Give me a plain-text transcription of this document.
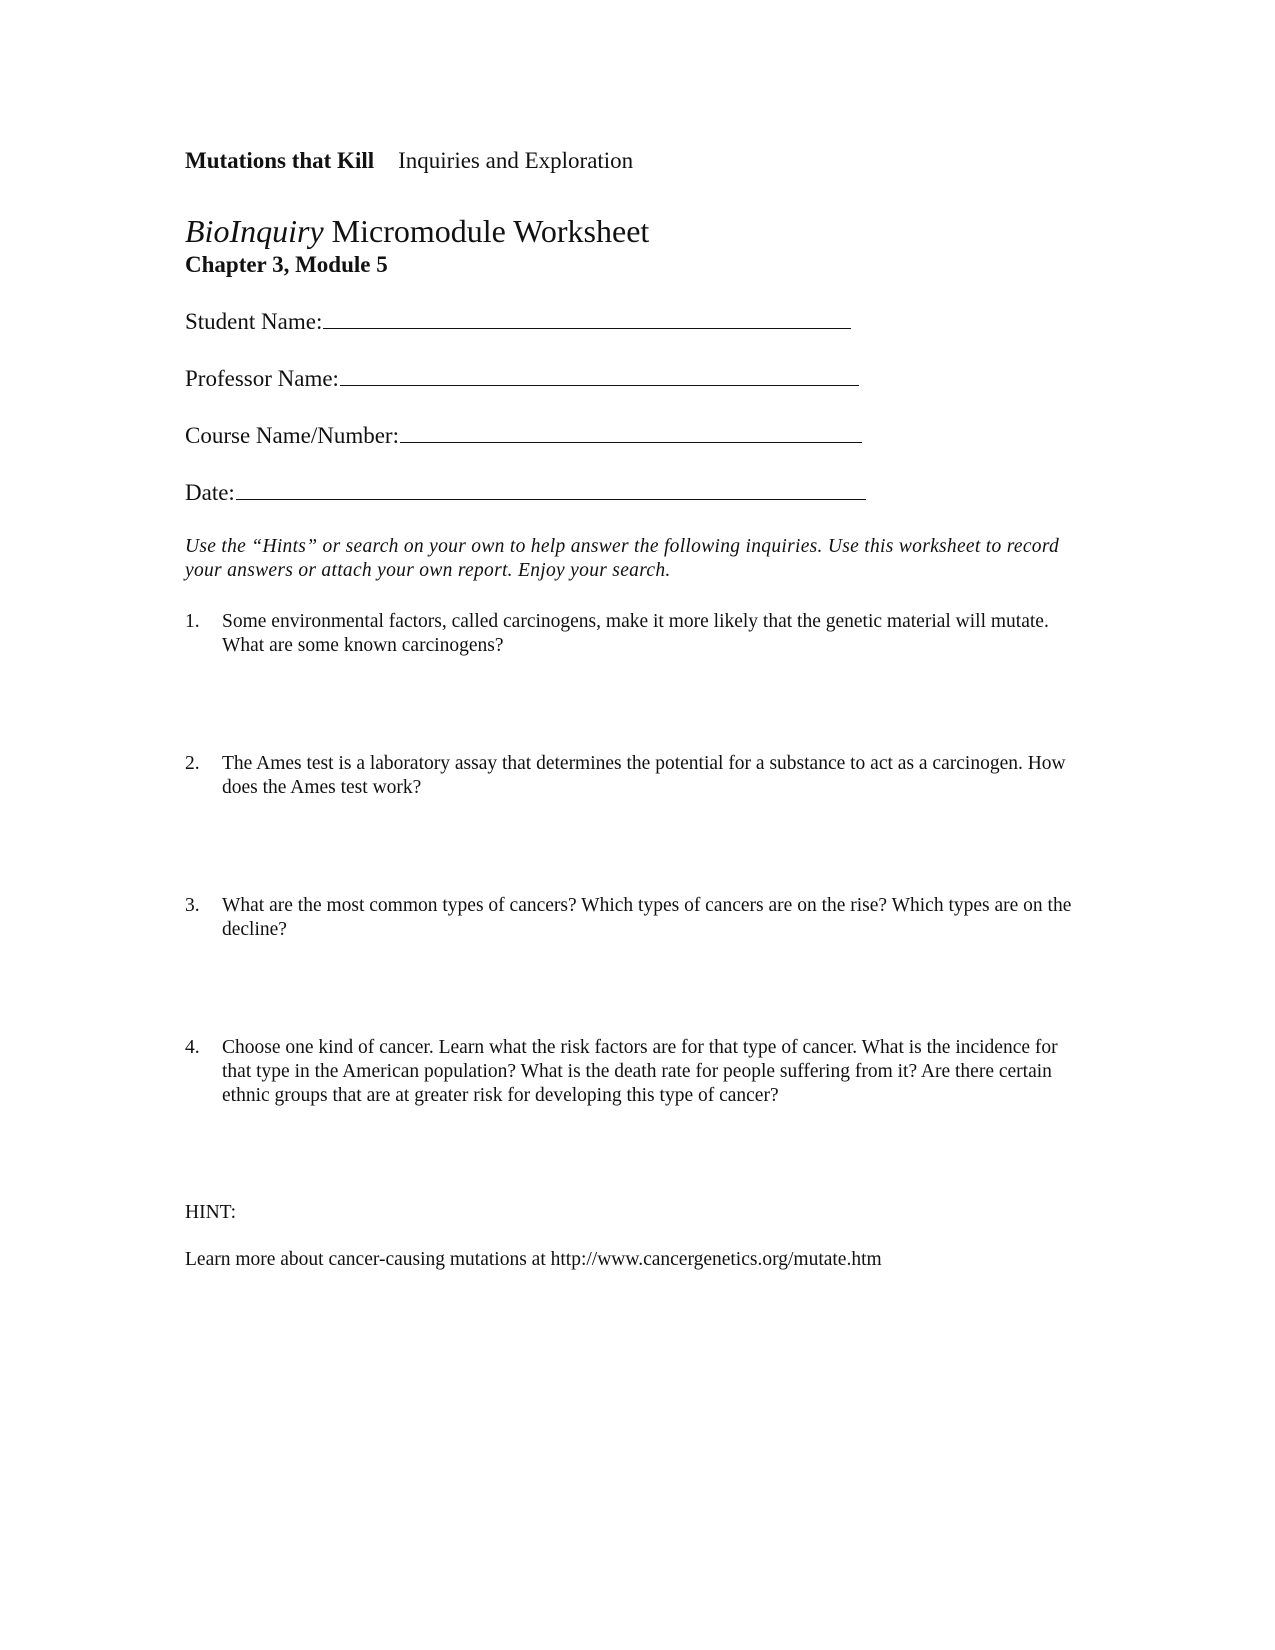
Mutations that Kill Inquiries and Exploration
BioInquiry Micromodule Worksheet
Chapter 3, Module 5
Student Name:
Professor Name:
Course Name/Number:
Date:
Use the “Hints” or search on your own to help answer the following inquiries. Use this worksheet to record your answers or attach your own report. Enjoy your search.
1.	Some environmental factors, called carcinogens, make it more likely that the genetic material will mutate. What are some known carcinogens?
2.	The Ames test is a laboratory assay that determines the potential for a substance to act as a carcinogen. How does the Ames test work?
3.	What are the most common types of cancers? Which types of cancers are on the rise? Which types are on the decline?
4.	Choose one kind of cancer. Learn what the risk factors are for that type of cancer. What is the incidence for that type in the American population? What is the death rate for people suffering from it? Are there certain ethnic groups that are at greater risk for developing this type of cancer?
HINT:
Learn more about cancer-causing mutations at http://www.cancergenetics.org/mutate.htm
